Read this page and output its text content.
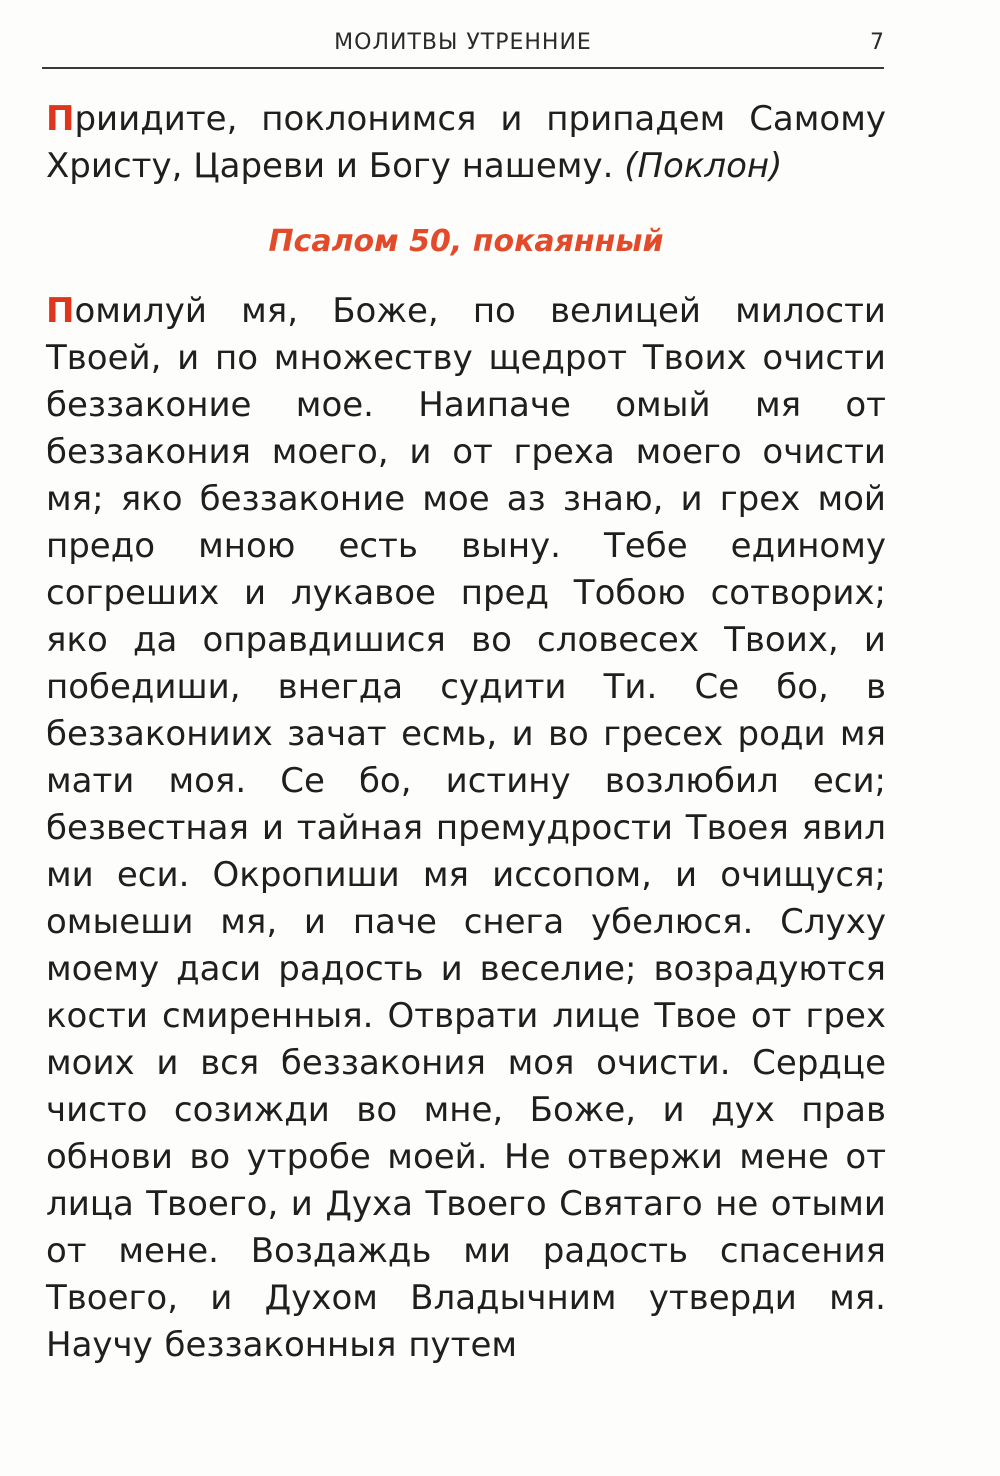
МОЛИТВЫ УТРЕННИЕ	7

Приидите, поклонимся и припадем Самому Христу, Цареви и Богу нашему. (Поклон)

Псалом 50, покаянный

Помилуй мя, Боже, по велицей милости Твоей, и по множеству щедрот Твоих очисти беззаконие мое. Наипаче омый мя от беззакония моего, и от греха моего очисти мя; яко беззаконие мое аз знаю, и грех мой предо мною есть выну. Тебе единому согреших и лукавое пред Тобою сотворих; яко да оправдишися во словесех Твоих, и победиши, внегда судити Ти. Се бо, в беззакониих зачат есмь, и во гресех роди мя мати моя. Се бо, истину возлюбил еси; безвестная и тайная премудрости Твоея явил ми еси. Окропиши мя иссопом, и очищуся; омыеши мя, и паче снега убелюся. Слуху моему даси радость и веселие; возрадуются кости смиренныя. Отврати лице Твое от грех моих и вся беззакония моя очисти. Сердце чисто созижди во мне, Боже, и дух прав обнови во утробе моей. Не отвержи мене от лица Твоего, и Духа Твоего Святаго не отыми от мене. Воздаждь ми радость спасения Твоего, и Духом Владычним утверди мя. Научу беззаконныя путем
